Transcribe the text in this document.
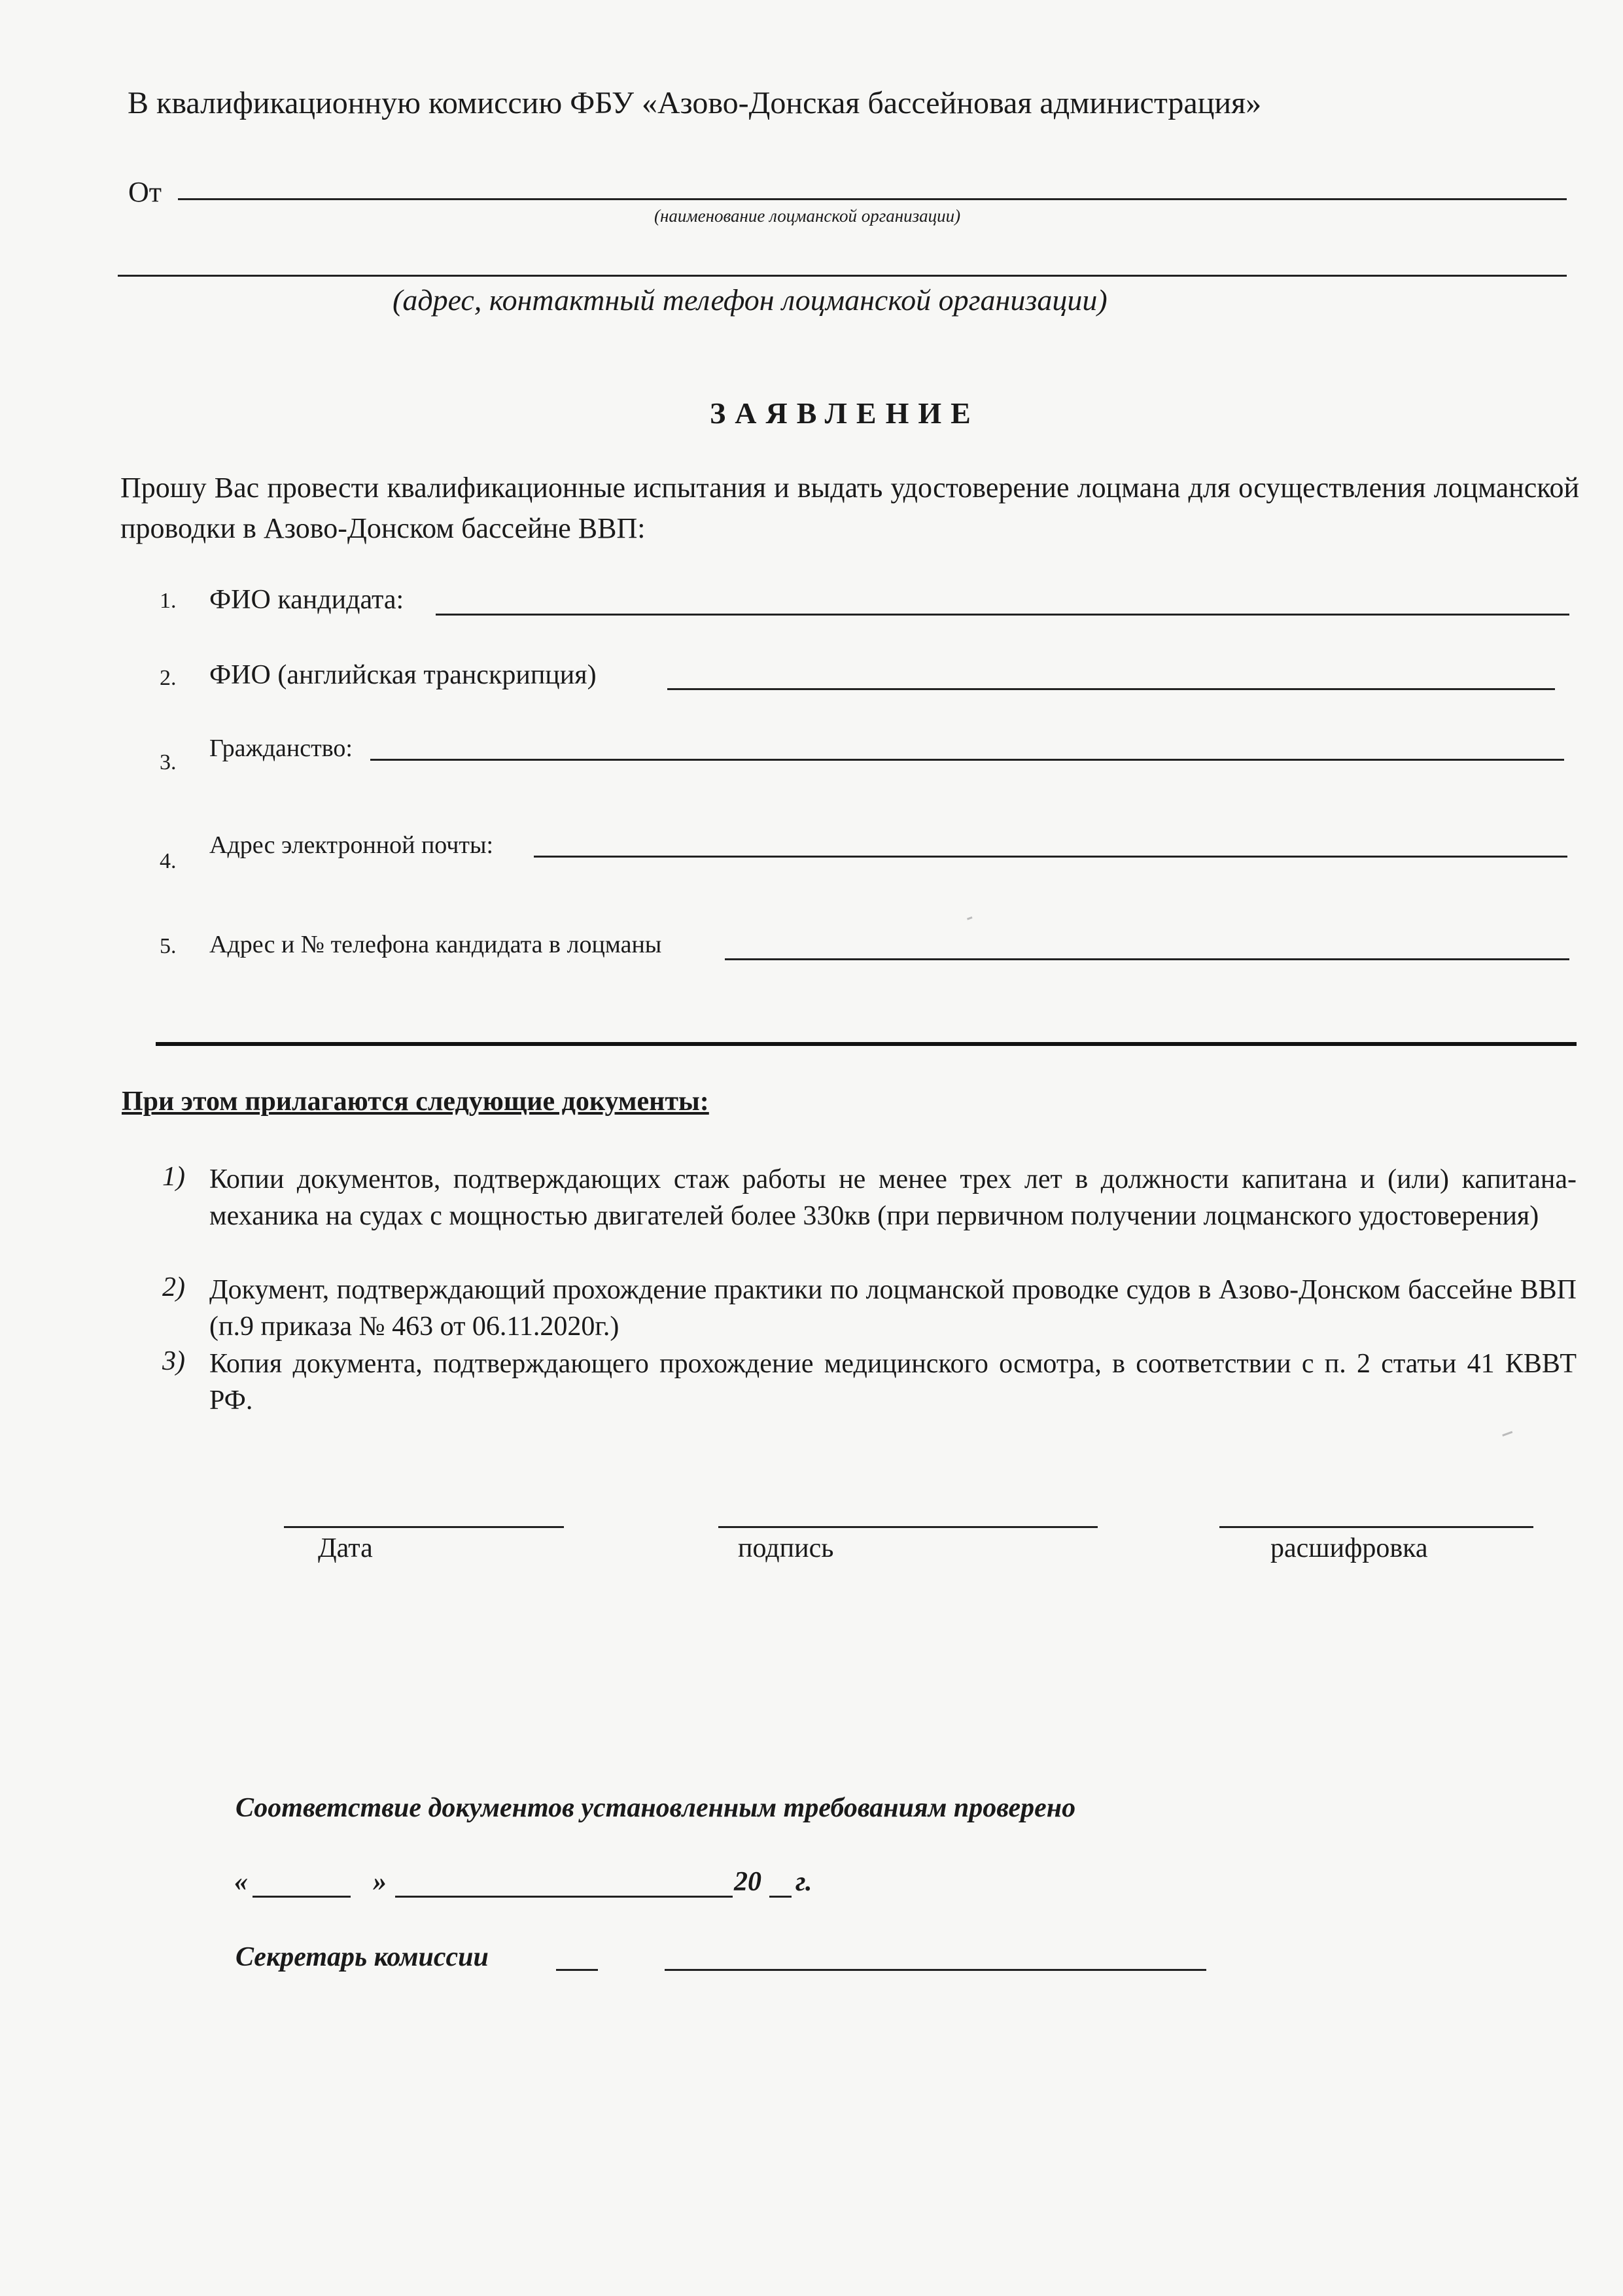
В квалификационную комиссию ФБУ «Азово-Донская бассейновая администрация»
От
(наименование лоцманской организации)
(адрес, контактный телефон лоцманской организации)
ЗАЯВЛЕНИЕ
Прошу Вас провести квалификационные испытания и выдать удостоверение лоцмана для осуществления лоцманской проводки в Азово-Донском бассейне ВВП:
1. ФИО кандидата:
2. ФИО (английская транскрипция)
3.
Гражданство:
4.
Адрес электронной почты:
5. Адрес и № телефона кандидата в лоцманы
При этом прилагаются следующие документы:
1) Копии документов, подтверждающих стаж работы не менее трех лет в должности капитана и (или) капитана- механика на судах с мощностью двигателей более 330кв (при первичном получении лоцманского удостоверения)
2) Документ, подтверждающий прохождение практики по лоцманской проводке судов в Азово-Донском бассейне ВВП (п.9 приказа № 463 от 06.11.2020г.)
3) Копия документа, подтверждающего прохождение медицинского осмотра, в соответствии с п. 2 статьи 41 КВВТ РФ.
Дата	подпись	расшифровка
Соответствие документов установленным требованиям проверено
«	»	20 г.
Секретарь комиссии
